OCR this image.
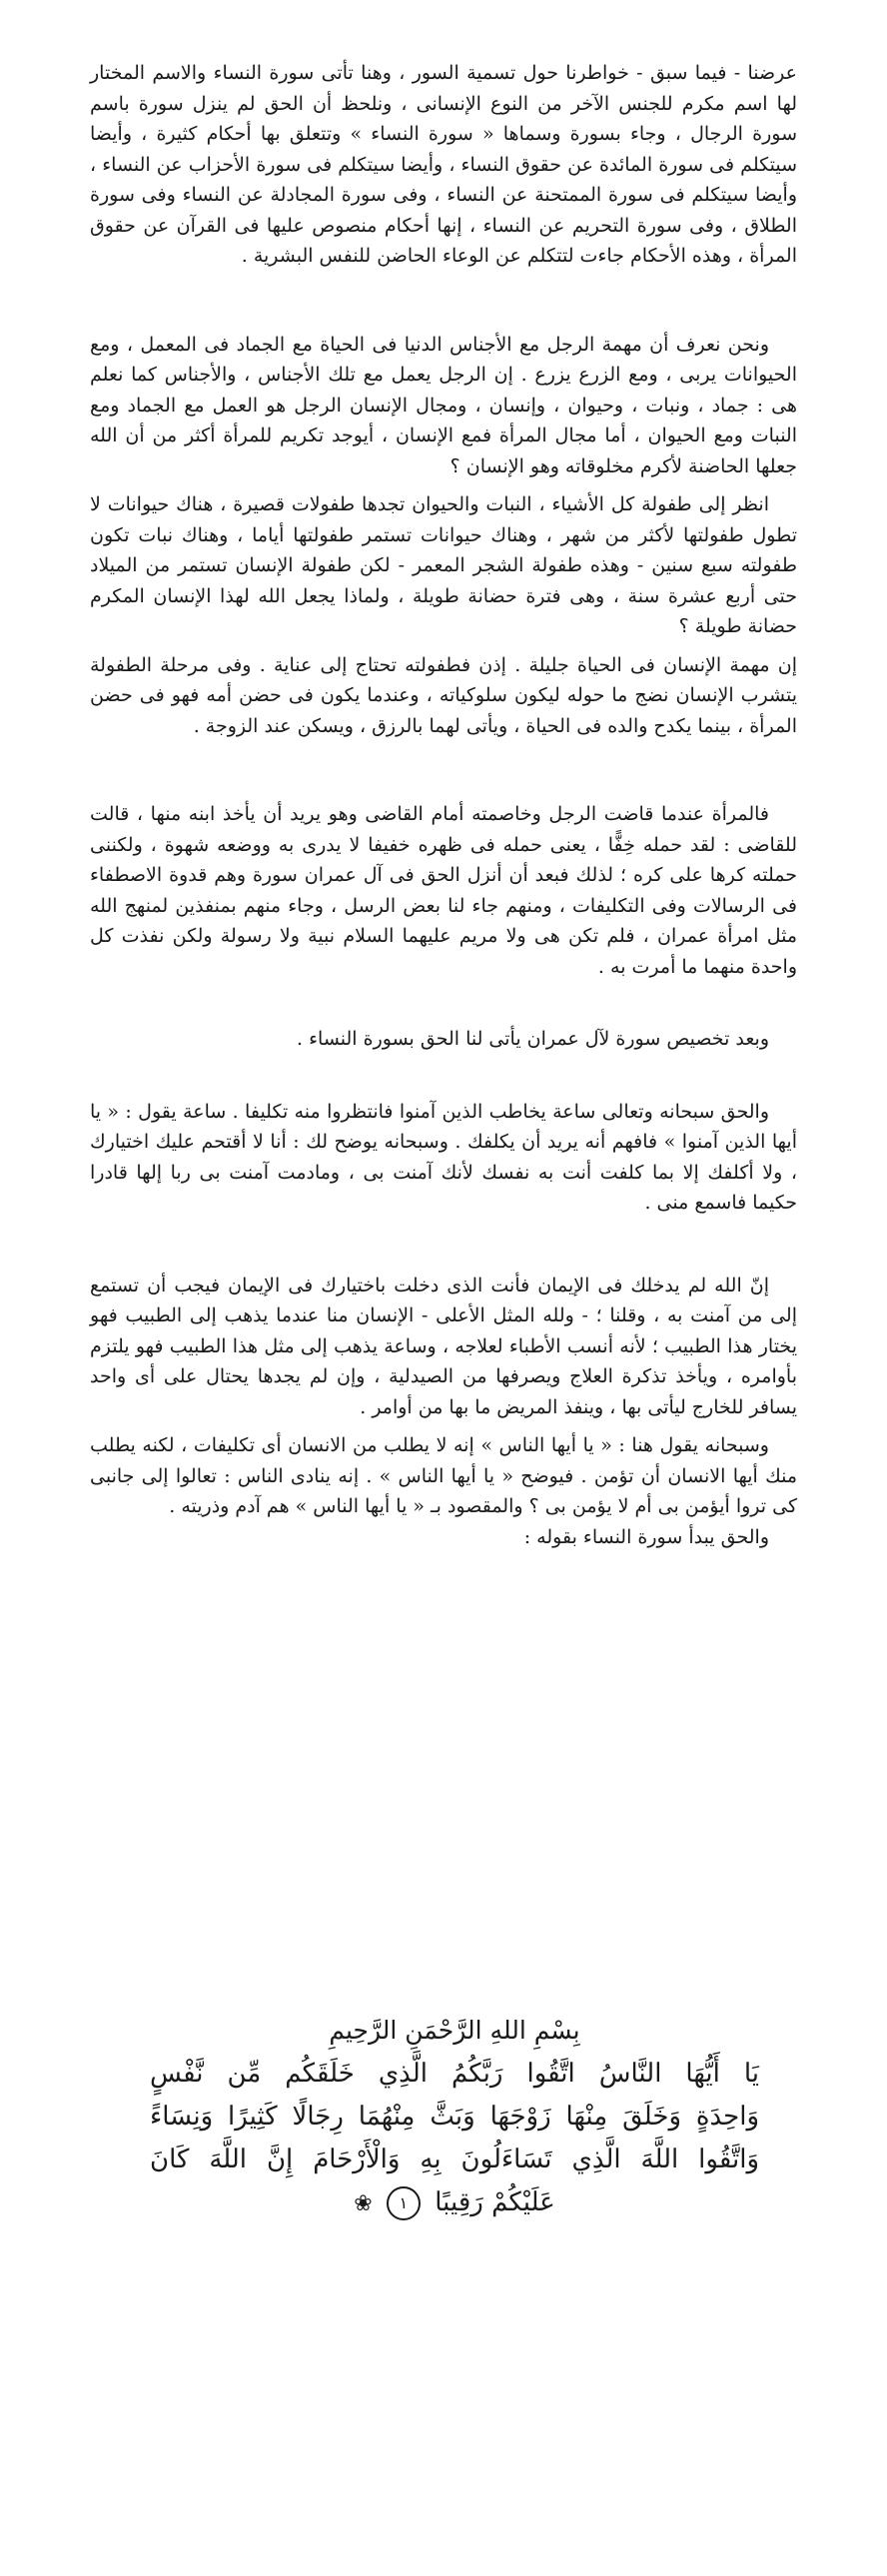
عرضنا - فيما سبق - خواطرنا حول تسمية السور ، وهنا تأتى سورة النساء والاسم المختار لها اسم مكرم للجنس الآخر من النوع الإنسانى ، ونلحظ أن الحق لم ينزل سورة باسم سورة الرجال ، وجاء بسورة وسماها « سورة النساء » وتتعلق بها أحكام كثيرة ، وأيضا سيتكلم فى سورة المائدة عن حقوق النساء ، وأيضا سيتكلم فى سورة الأحزاب عن النساء ، وأيضا سيتكلم فى سورة الممتحنة عن النساء ، وفى سورة المجادلة عن النساء وفى سورة الطلاق ، وفى سورة التحريم عن النساء ، إنها أحكام منصوص عليها فى القرآن عن حقوق المرأة ، وهذه الأحكام جاءت لتتكلم عن الوعاء الحاضن للنفس البشرية .

ونحن نعرف أن مهمة الرجل مع الأجناس الدنيا فى الحياة مع الجماد فى المعمل ، ومع الحيوانات يربى ، ومع الزرع يزرع . إن الرجل يعمل مع تلك الأجناس ، والأجناس كما نعلم هى : جماد ، ونبات ، وحيوان ، وإنسان ، ومجال الإنسان الرجل هو العمل مع الجماد ومع النبات ومع الحيوان ، أما مجال المرأة فمع الإنسان ، أيوجد تكريم للمرأة أكثر من أن الله جعلها الحاضنة لأكرم مخلوقاته وهو الإنسان ؟

انظر إلى طفولة كل الأشياء ، النبات والحيوان تجدها طفولات قصيرة ، هناك حيوانات لا تطول طفولتها لأكثر من شهر ، وهناك حيوانات تستمر طفولتها أياما ، وهناك نبات تكون طفولته سبع سنين - وهذه طفولة الشجر المعمر - لكن طفولة الإنسان تستمر من الميلاد حتى أربع عشرة سنة ، وهى فترة حضانة طويلة ، ولماذا يجعل الله لهذا الإنسان المكرم حضانة طويلة ؟

إن مهمة الإنسان فى الحياة جليلة . إذن فطفولته تحتاج إلى عناية . وفى مرحلة الطفولة يتشرب الإنسان نضج ما حوله ليكون سلوكياته ، وعندما يكون فى حضن أمه فهو فى حضن المرأة ، بينما يكدح والده فى الحياة ، ويأتى لهما بالرزق ، ويسكن عند الزوجة .

فالمرأة عندما قاضت الرجل وخاصمته أمام القاضى وهو يريد أن يأخذ ابنه منها ، قالت للقاضى : لقد حمله خِفًّا ، يعنى حمله فى ظهره خفيفا لا يدرى به ووضعه شهوة ، ولكننى حملته كرها على كره ؛ لذلك فبعد أن أنزل الحق فى آل عمران سورة وهم قدوة الاصطفاء فى الرسالات وفى التكليفات ، ومنهم جاء لنا بعض الرسل ، وجاء منهم بمنفذين لمنهج الله مثل امرأة عمران ، فلم تكن هى ولا مريم عليهما السلام نبية ولا رسولة ولكن نفذت كل واحدة منهما ما أمرت به .

وبعد تخصيص سورة لآل عمران يأتى لنا الحق بسورة النساء .

والحق سبحانه وتعالى ساعة يخاطب الذين آمنوا فانتظروا منه تكليفا . ساعة يقول : « يا أيها الذين آمنوا » فافهم أنه يريد أن يكلفك . وسبحانه يوضح لك : أنا لا أقتحم عليك اختيارك ، ولا أكلفك إلا بما كلفت أنت به نفسك لأنك آمنت بى ، ومادمت آمنت بى ربا إلها قادرا حكيما فاسمع منى .

إنّ الله لم يدخلك فى الإيمان فأنت الذى دخلت باختيارك فى الإيمان فيجب أن تستمع إلى من آمنت به ، وقلنا ؛ - ولله المثل الأعلى - الإنسان منا عندما يذهب إلى الطبيب فهو يختار هذا الطبيب ؛ لأنه أنسب الأطباء لعلاجه ، وساعة يذهب إلى مثل هذا الطبيب فهو يلتزم بأوامره ، ويأخذ تذكرة العلاج ويصرفها من الصيدلية ، وإن لم يجدها يحتال على أى واحد يسافر للخارج ليأتى بها ، وينفذ المريض ما بها من أوامر .

وسبحانه يقول هنا : « يا أيها الناس » إنه لا يطلب من الانسان أى تكليفات ، لكنه يطلب منك أيها الانسان أن تؤمن . فيوضح « يا أيها الناس » . إنه ينادى الناس : تعالوا إلى جانبى كى تروا أيؤمن بى أم لا يؤمن بى ؟ والمقصود بـ « يا أيها الناس » هم آدم وذريته .

والحق يبدأ سورة النساء بقوله :

بِسْمِ اللهِ الرَّحْمَنِ الرَّحِيمِ

يَا أَيُّهَا النَّاسُ اتَّقُوا رَبَّكُمُ الَّذِي خَلَقَكُم مِّن نَّفْسٍ

وَاحِدَةٍ وَخَلَقَ مِنْهَا زَوْجَهَا وَبَثَّ مِنْهُمَا رِجَالًا كَثِيرًا وَنِسَاءً

وَاتَّقُوا اللَّهَ الَّذِي تَسَاءَلُونَ بِهِ وَالْأَرْحَامَ إِنَّ اللَّهَ كَانَ

عَلَيْكُمْ رَقِيبًا ١ ❀
